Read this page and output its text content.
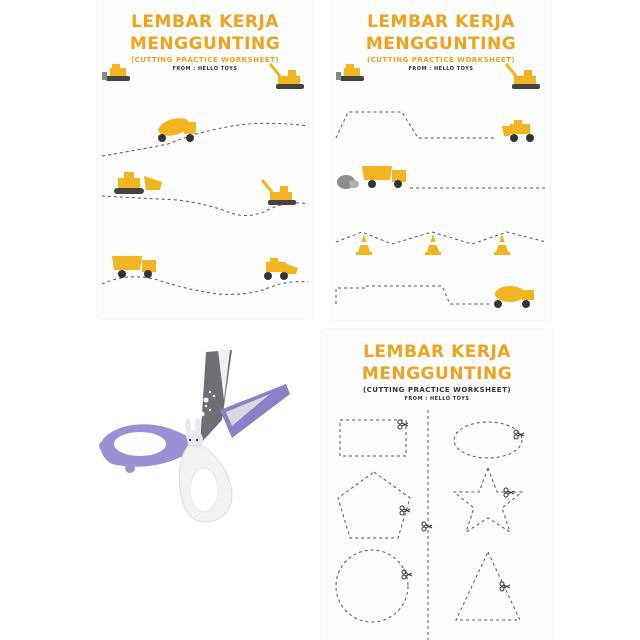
LEMBAR KERJA
MENGGUNTING
(CUTTING PRACTICE WORKSHEET)
FROM : HELLO TOYS
LEMBAR KERJA
MENGGUNTING
(CUTTING PRACTICE WORKSHEET)
FROM : HELLO TOYS
LEMBAR KERJA
MENGGUNTING
(CUTTING PRACTICE WORKSHEET)
FROM : HELLO TOYS
